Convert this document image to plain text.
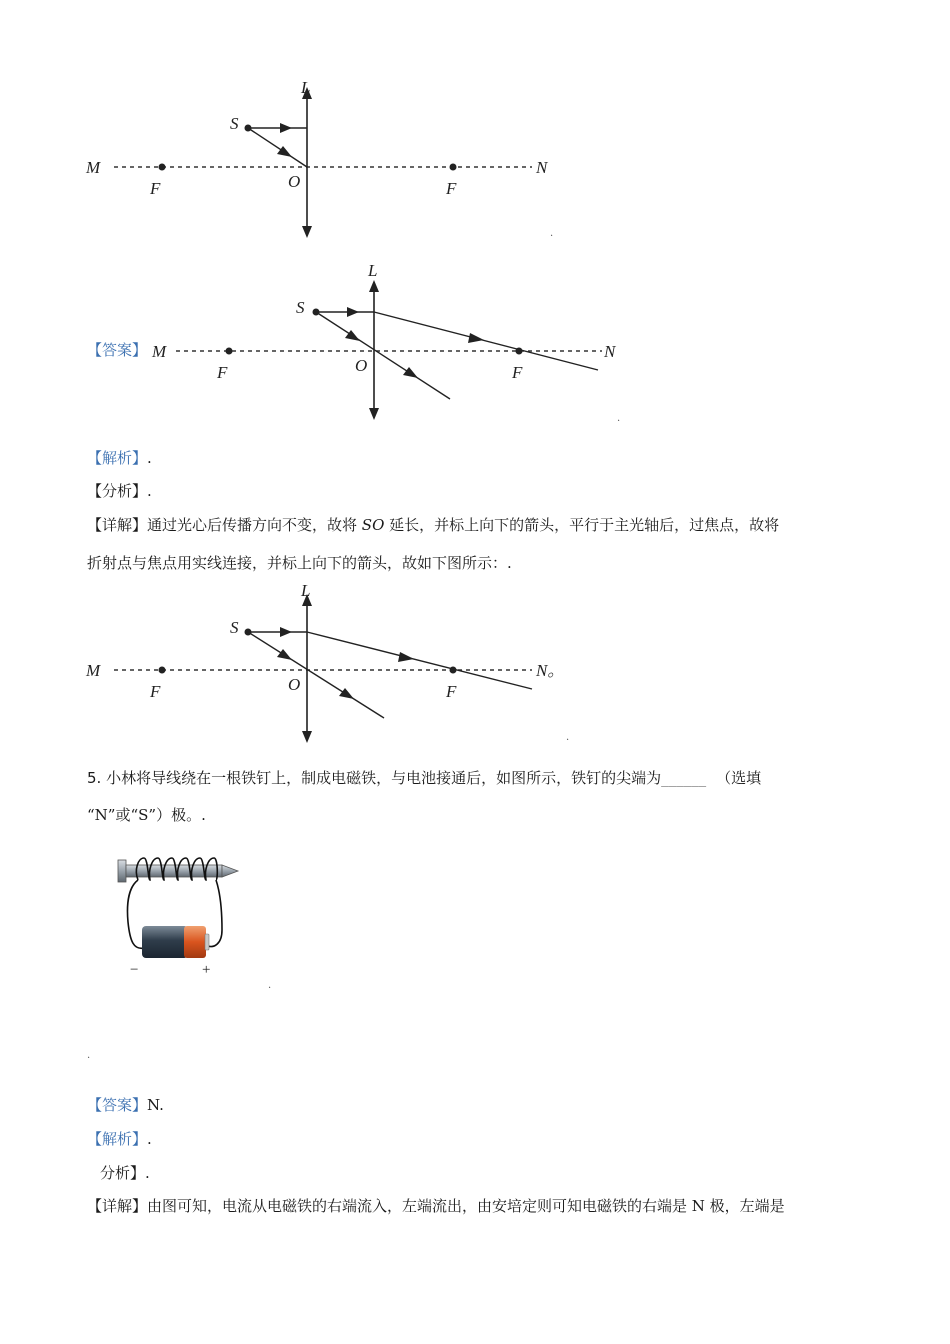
L
S
M	N
F	O	F
.
【答案】
L
S
M	N
F	O	F
.
【解析】.
【分析】.
【详解】通过光心后传播方向不变，故将 SO 延长，并标上向下的箭头，平行于主光轴后，过焦点，故将
折射点与焦点用实线连接，并标上向下的箭头，故如下图所示：.
L
S
M	N。
F	O	F
.
5. 小林将导线绕在一根铁钉上，制成电磁铁，与电池接通后，如图所示，铁钉的尖端为______ （选填
“N”或“S”）极。.
−	+
.
.
【答案】N.
【解析】.
分析】.
【详解】由图可知，电流从电磁铁的右端流入，左端流出，由安培定则可知电磁铁的右端是 N 极，左端是
